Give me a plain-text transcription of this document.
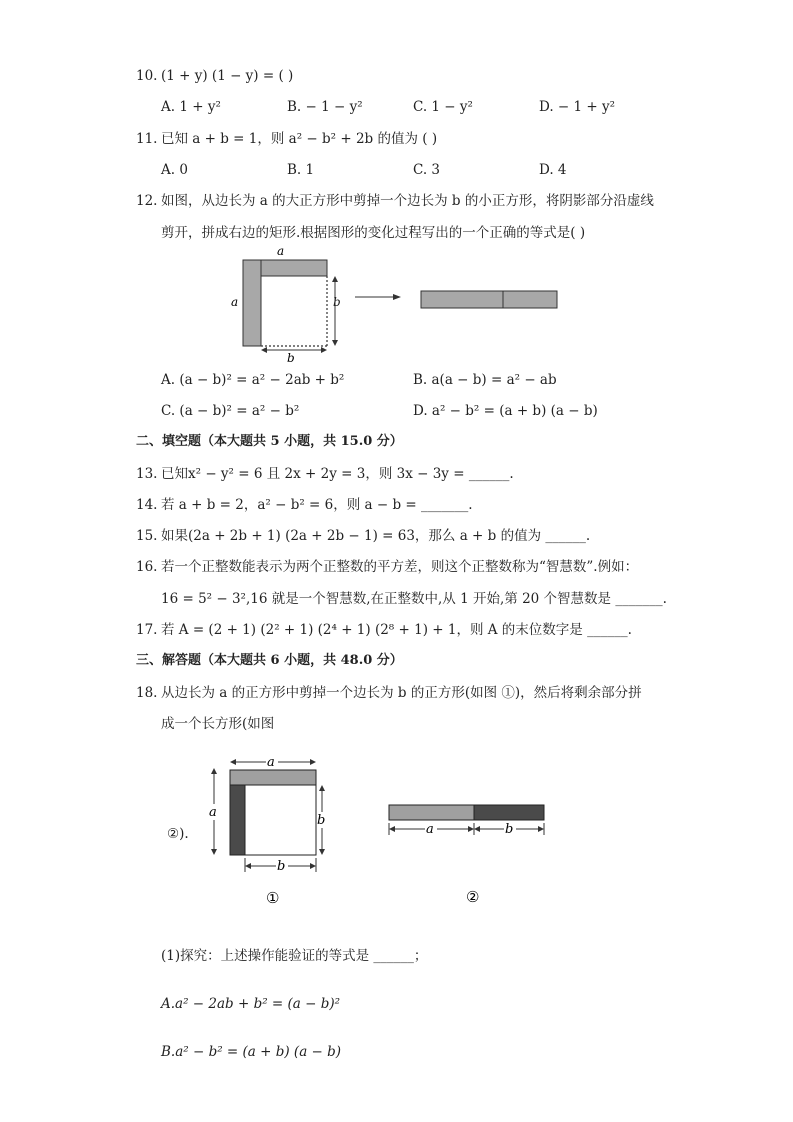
10. (1 + y) (1 − y) = ( )
A. 1 + y²	B. − 1 − y²	C. 1 − y²	D. − 1 + y²
11. 已知 a + b = 1，则 a² − b² + 2b 的值为 ( )
A. 0	B. 1	C. 3	D. 4
12. 如图，从边长为 a 的大正方形中剪掉一个边长为 b 的小正方形，将阴影部分沿虚线
剪开，拼成右边的矩形.根据图形的变化过程写出的一个正确的等式是( )
a
a	b
b
A. (a − b)² = a² − 2ab + b²	B. a(a − b) = a² − ab
C. (a − b)² = a² − b²	D. a² − b² = (a + b) (a − b)
二、填空题（本大题共 5 小题，共 15.0 分）
13. 已知x² − y² = 6 且 2x + 2y = 3，则 3x − 3y = ______.
14. 若 a + b = 2，a² − b² = 6，则 a − b = _______.
15. 如果(2a + 2b + 1) (2a + 2b − 1) = 63，那么 a + b 的值为 ______.
16. 若一个正整数能表示为两个正整数的平方差，则这个正整数称为“智慧数”.例如：
16 = 5² − 3²,16 就是一个智慧数,在正整数中,从 1 开始,第 20 个智慧数是 _______.
17. 若 A = (2 + 1) (2² + 1) (2⁴ + 1) (2⁸ + 1) + 1，则 A 的末位数字是 ______.
三、解答题（本大题共 6 小题，共 48.0 分）
18. 从边长为 a 的正方形中剪掉一个边长为 b 的正方形(如图 ①)，然后将剩余部分拼
成一个长方形(如图
②).
a
a
b
b
①
a	b
②
(1)探究：上述操作能验证的等式是 ______；
A.a² − 2ab + b² = (a − b)²
B.a² − b² = (a + b) (a − b)
